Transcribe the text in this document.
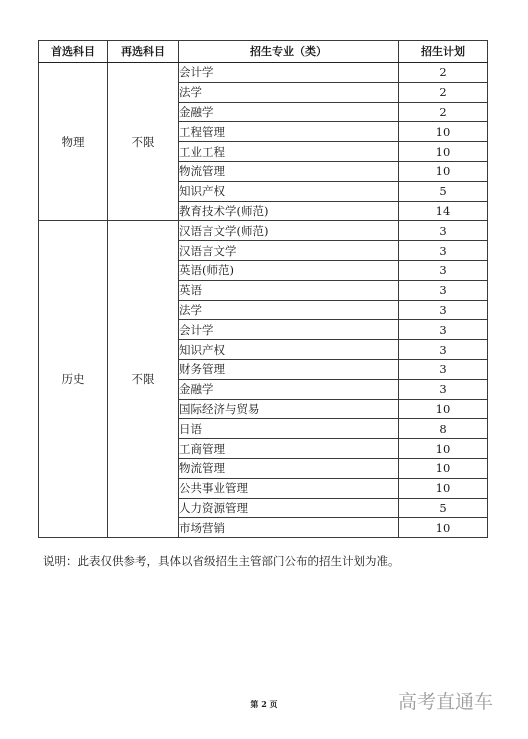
首选科目	再选科目	招生专业（类）	招生计划
物理	不限	会计学	2
		法学	2
		金融学	2
		工程管理	10
		工业工程	10
		物流管理	10
		知识产权	5
		教育技术学(师范)	14
历史	不限	汉语言文学(师范)	3
		汉语言文学	3
		英语(师范)	3
		英语	3
		法学	3
		会计学	3
		知识产权	3
		财务管理	3
		金融学	3
		国际经济与贸易	10
		日语	8
		工商管理	10
		物流管理	10
		公共事业管理	10
		人力资源管理	5
		市场营销	10
说明：此表仅供参考，具体以省级招生主管部门公布的招生计划为准。
第 2 页	高考直通车
